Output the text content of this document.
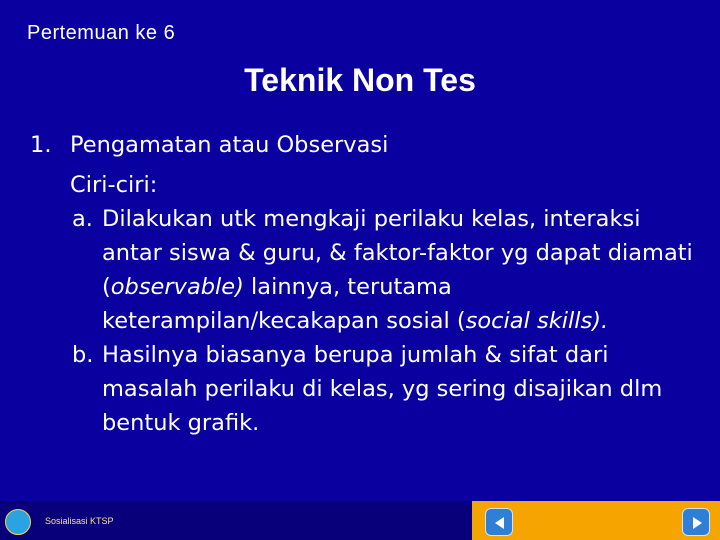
Pertemuan ke 6
Teknik Non Tes
1. Pengamatan atau Observasi
Ciri-ciri:
a. Dilakukan utk mengkaji perilaku kelas, interaksi antar siswa & guru, & faktor-faktor yg dapat diamati (observable) lainnya, terutama keterampilan/kecakapan sosial (social skills).
b. Hasilnya biasanya berupa jumlah & sifat dari masalah perilaku di kelas, yg sering disajikan dlm bentuk grafik.
Sosialisasi KTSP
